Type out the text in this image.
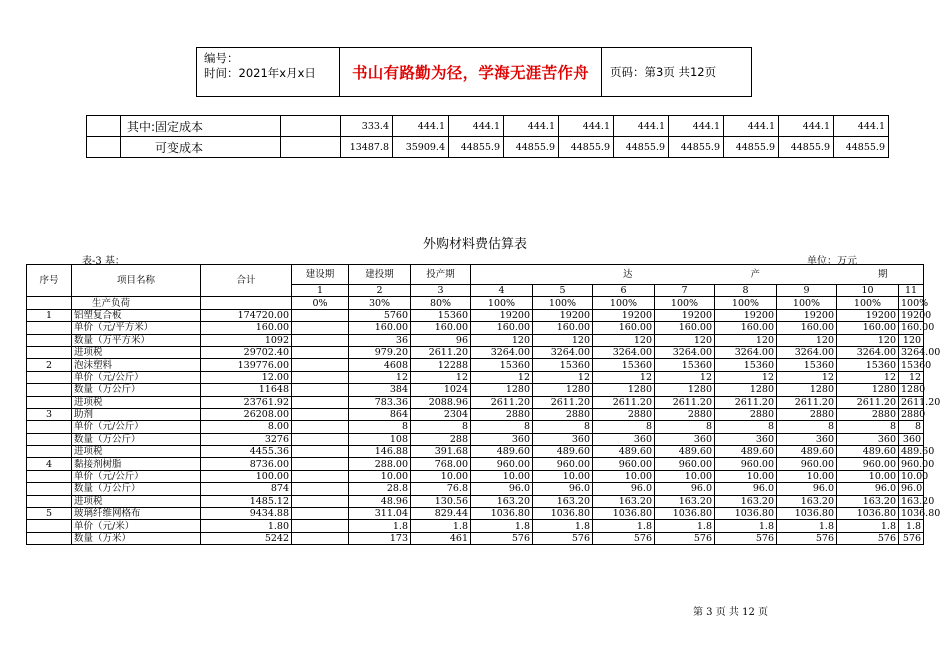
编号：
时间：2021年x月x日	书山有路勤为径，学海无涯苦作舟	页码：第3页 共12页
	其中:固定成本		333.4	444.1	444.1	444.1	444.1	444.1	444.1	444.1	444.1	444.1
	可变成本		13487.8	35909.4	44855.9	44855.9	44855.9	44855.9	44855.9	44855.9	44855.9	44855.9
外购材料费估算表
表-3 基：	单位：万元
序号	项目名称	合计	建设期	建投期	投产期	达 产 期								
			1	2	3	4	5	6	7	8	9	10	11	
	生产负荷		0%	30%	80%	100%	100%	100%	100%	100%	100%	100%	100%	
1	铝塑复合板	174720.00		5760	15360	19200	19200	19200	19200	19200	19200	19200	19200	
	单价（元/平方米）	160.00		160.00	160.00	160.00	160.00	160.00	160.00	160.00	160.00	160.00	160.00	
	数量（万平方米）	1092		36	96	120	120	120	120	120	120	120	120	
	进项税	29702.40		979.20	2611.20	3264.00	3264.00	3264.00	3264.00	3264.00	3264.00	3264.00	3264.00	
2	泡沫塑料	139776.00		4608	12288	15360	15360	15360	15360	15360	15360	15360	15360	
	单价（元/公斤）	12.00		12	12	12	12	12	12	12	12	12	12	
	数量（万公斤）	11648		384	1024	1280	1280	1280	1280	1280	1280	1280	1280	
	进项税	23761.92		783.36	2088.96	2611.20	2611.20	2611.20	2611.20	2611.20	2611.20	2611.20	2611.20	
3	助剂	26208.00		864	2304	2880	2880	2880	2880	2880	2880	2880	2880	
	单价（元/公斤）	8.00		8	8	8	8	8	8	8	8	8	8	
	数量（万公斤）	3276		108	288	360	360	360	360	360	360	360	360	
	进项税	4455.36		146.88	391.68	489.60	489.60	489.60	489.60	489.60	489.60	489.60	489.60	
4	黏接剂树脂	8736.00		288.00	768.00	960.00	960.00	960.00	960.00	960.00	960.00	960.00	960.00	
	单价（元/公斤）	100.00		10.00	10.00	10.00	10.00	10.00	10.00	10.00	10.00	10.00	10.00	
	数量（万公斤）	874		28.8	76.8	96.0	96.0	96.0	96.0	96.0	96.0	96.0	96.0	
	进项税	1485.12		48.96	130.56	163.20	163.20	163.20	163.20	163.20	163.20	163.20	163.20	
5	玻璃纤维网格布	9434.88		311.04	829.44	1036.80	1036.80	1036.80	1036.80	1036.80	1036.80	1036.80	1036.80	
	单价（元/米）	1.80		1.8	1.8	1.8	1.8	1.8	1.8	1.8	1.8	1.8	1.8	
	数量（万米）	5242		173	461	576	576	576	576	576	576	576	576	
第 3 页 共 12 页
